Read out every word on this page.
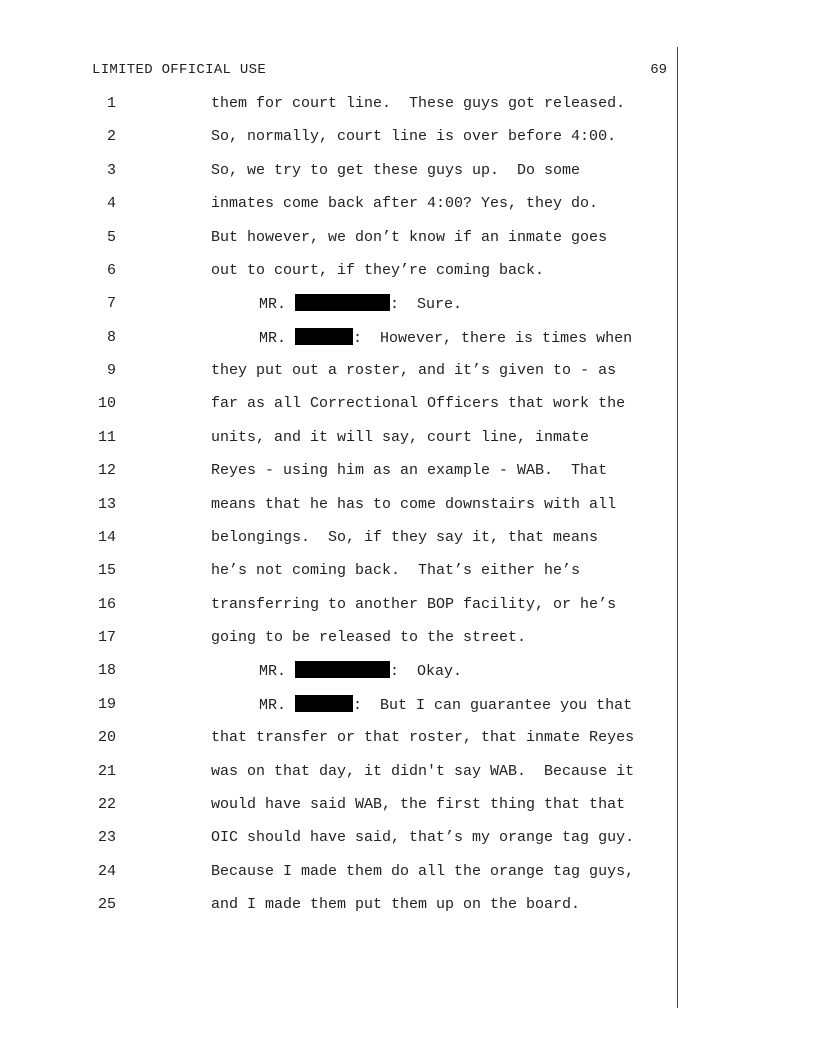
LIMITED OFFICIAL USE	69
1	them for court line.  These guys got released.
2	So, normally, court line is over before 4:00.
3	So, we try to get these guys up.  Do some
4	inmates come back after 4:00? Yes, they do.
5	But however, we don’t know if an inmate goes
6	out to court, if they’re coming back.
7	MR.	:  Sure.
8	MR.	:  However, there is times when
9	they put out a roster, and it’s given to - as
10	far as all Correctional Officers that work the
11	units, and it will say, court line, inmate
12	Reyes - using him as an example - WAB.  That
13	means that he has to come downstairs with all
14	belongings.  So, if they say it, that means
15	he’s not coming back.  That’s either he’s
16	transferring to another BOP facility, or he’s
17	going to be released to the street.
18	MR.	:  Okay.
19	MR.	:  But I can guarantee you that
20	that transfer or that roster, that inmate Reyes
21	was on that day, it didn't say WAB.  Because it
22	would have said WAB, the first thing that that
23	OIC should have said, that’s my orange tag guy.
24	Because I made them do all the orange tag guys,
25	and I made them put them up on the board.
